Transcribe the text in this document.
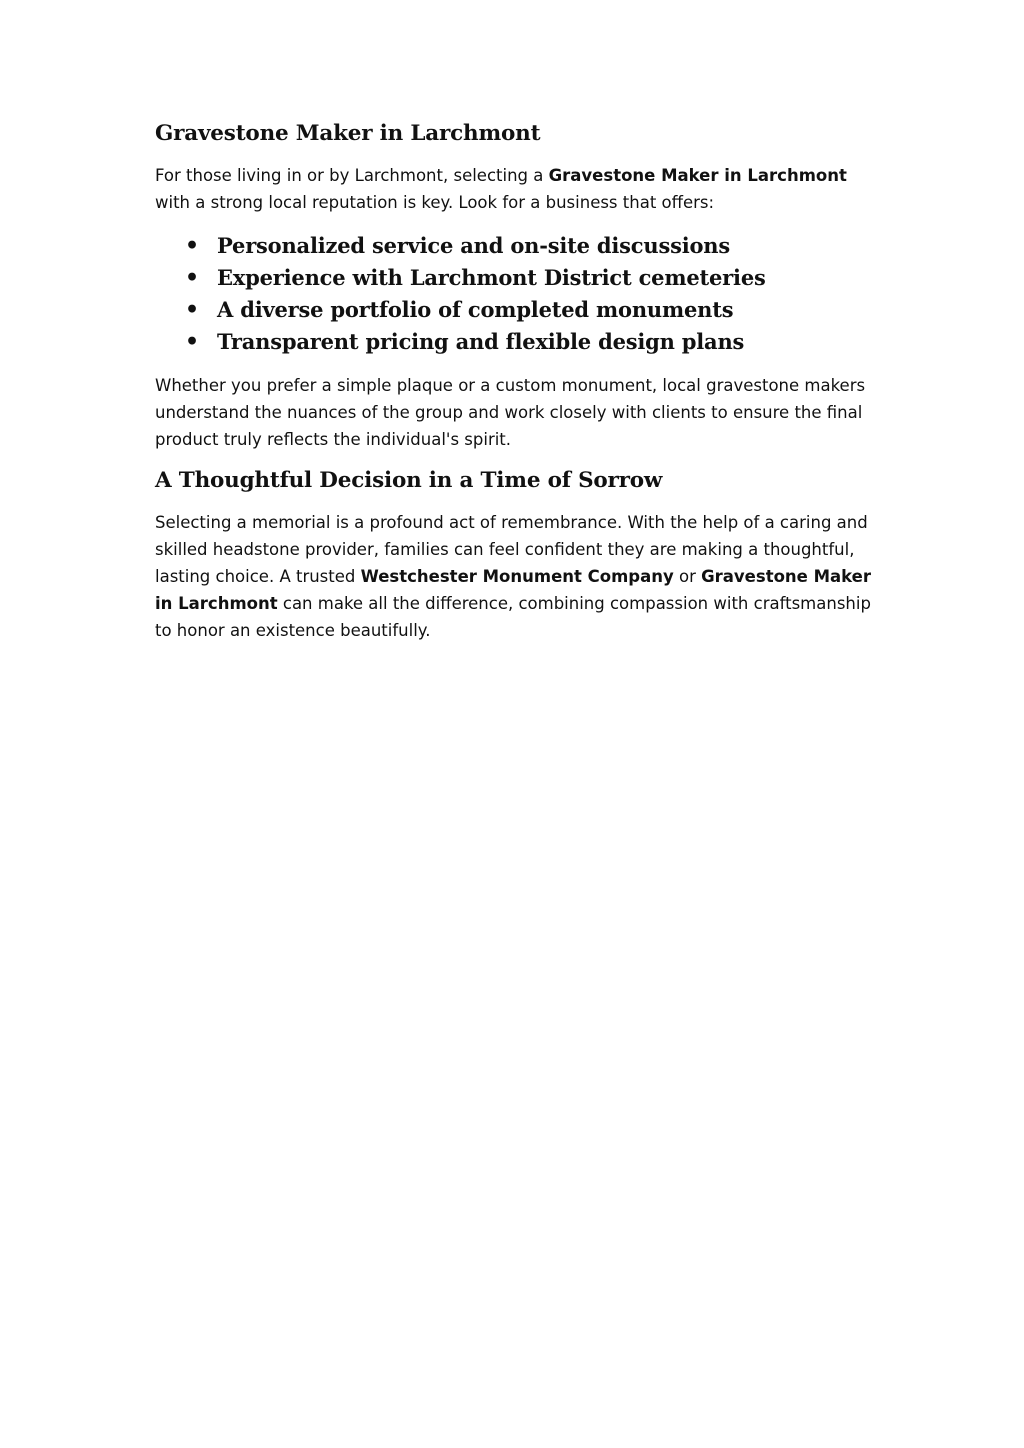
Gravestone Maker in Larchmont

For those living in or by Larchmont, selecting a Gravestone Maker in Larchmont with a strong local reputation is key. Look for a business that offers:

• Personalized service and on-site discussions
• Experience with Larchmont District cemeteries
• A diverse portfolio of completed monuments
• Transparent pricing and flexible design plans

Whether you prefer a simple plaque or a custom monument, local gravestone makers understand the nuances of the group and work closely with clients to ensure the final product truly reflects the individual's spirit.

A Thoughtful Decision in a Time of Sorrow

Selecting a memorial is a profound act of remembrance. With the help of a caring and skilled headstone provider, families can feel confident they are making a thoughtful, lasting choice. A trusted Westchester Monument Company or Gravestone Maker in Larchmont can make all the difference, combining compassion with craftsmanship to honor an existence beautifully.
